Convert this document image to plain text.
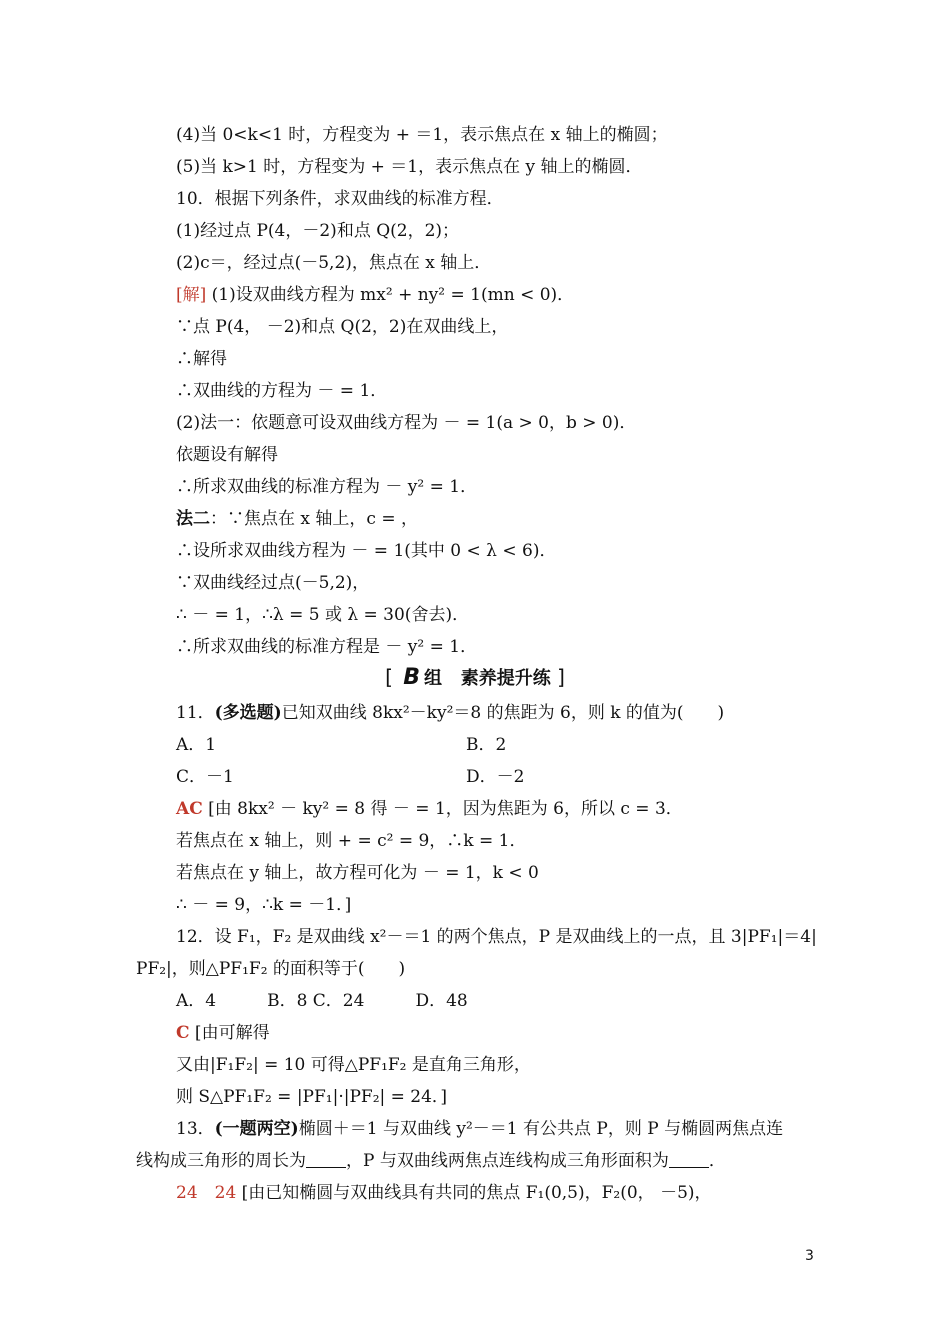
(4)当 0<k<1 时，方程变为 + ＝1，表示焦点在 x 轴上的椭圆；
(5)当 k>1 时，方程变为 + ＝1，表示焦点在 y 轴上的椭圆．
10．根据下列条件，求双曲线的标准方程．
(1)经过点 P(4，－2)和点 Q(2，2)；
(2)c＝，经过点(－5,2)，焦点在 x 轴上．
[解] (1)设双曲线方程为 mx² + ny² = 1(mn < 0)．
∵点 P(4， －2)和点 Q(2，2)在双曲线上，
∴解得
∴双曲线的方程为 － = 1．
(2)法一：依题意可设双曲线方程为 － = 1(a > 0，b > 0)．
依题设有解得
∴所求双曲线的标准方程为 － y² = 1．
法二：∵焦点在 x 轴上，c = ，
∴设所求双曲线方程为 － = 1(其中 0 < λ < 6)．
∵双曲线经过点(－5,2)，
∴ － = 1，∴λ = 5 或 λ = 30(舍去)．
∴所求双曲线的标准方程是 － y² = 1．
[ B 组 素养提升练 ]
11．(多选题)已知双曲线 8kx²－ky²＝8 的焦距为 6，则 k 的值为(　　)
A．1	B．2
C．－1	D．－2
AC [由 8kx² － ky² = 8 得 － = 1，因为焦距为 6，所以 c = 3．
若焦点在 x 轴上，则 + = c² = 9，∴k = 1．
若焦点在 y 轴上，故方程可化为 － = 1，k < 0
∴ － = 9，∴k = －1．]
12．设 F₁，F₂ 是双曲线 x²－＝1 的两个焦点，P 是双曲线上的一点，且 3|PF₁|＝4|
PF₂|，则△PF₁F₂ 的面积等于(　　)
A．4　　　B．8 C．24　　　D．48
C [由可解得
又由|F₁F₂| = 10 可得△PF₁F₂ 是直角三角形，
则 S△PF₁F₂ = |PF₁|·|PF₂| = 24．]
13．(一题两空)椭圆＋＝1 与双曲线 y²－＝1 有公共点 P，则 P 与椭圆两焦点连
线构成三角形的周长为 ，P 与双曲线两焦点连线构成三角形面积为 ．
24　24 [由已知椭圆与双曲线具有共同的焦点 F₁(0,5)，F₂(0， －5)，
3
